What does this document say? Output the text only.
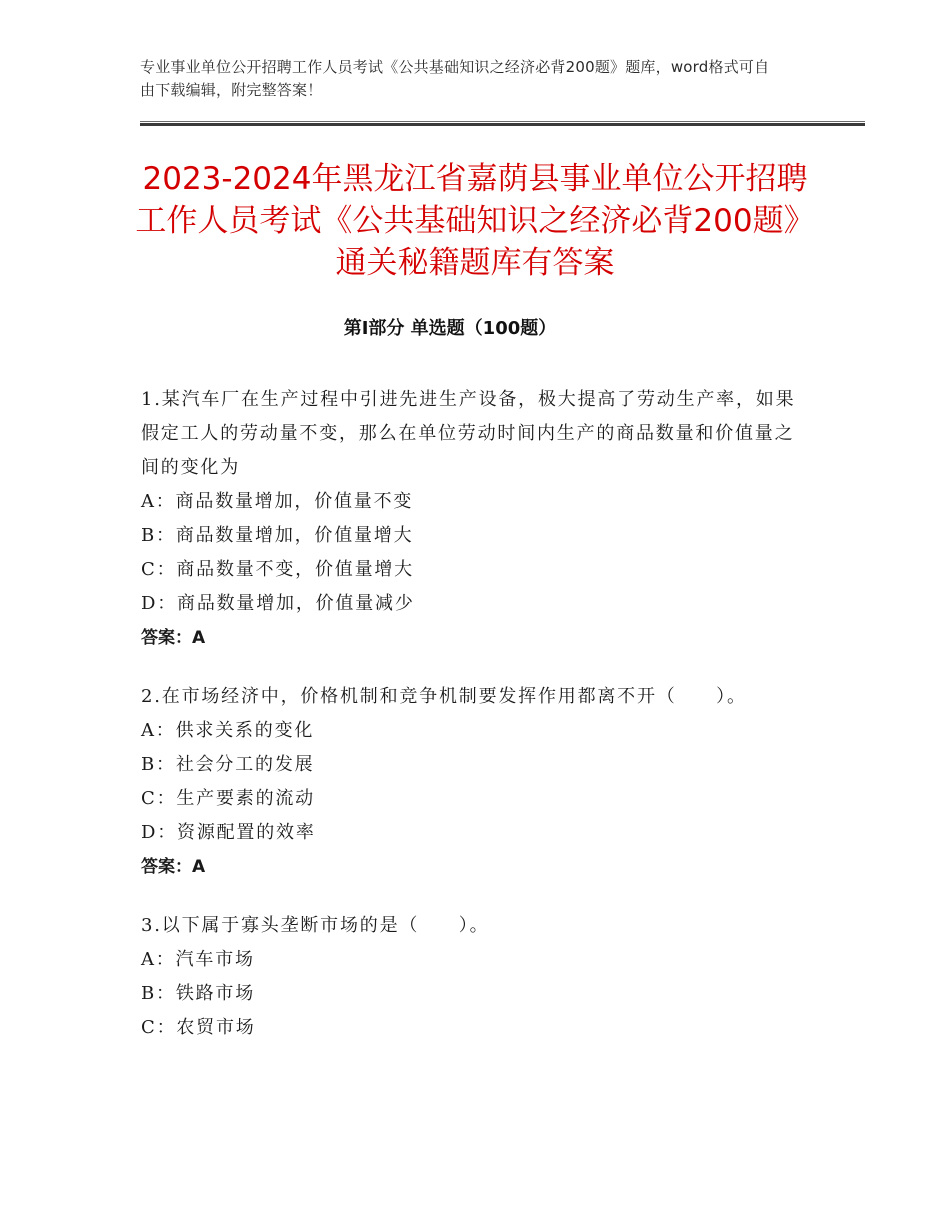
专业事业单位公开招聘工作人员考试《公共基础知识之经济必背200题》题库，word格式可自由下载编辑，附完整答案！
2023-2024年黑龙江省嘉荫县事业单位公开招聘工作人员考试《公共基础知识之经济必背200题》通关秘籍题库有答案
第Ⅰ部分 单选题（100题）

1.某汽车厂在生产过程中引进先进生产设备，极大提高了劳动生产率，如果假定工人的劳动量不变，那么在单位劳动时间内生产的商品数量和价值量之间的变化为

A：商品数量增加，价值量不变

B：商品数量增加，价值量增大

C：商品数量不变，价值量增大

D：商品数量增加，价值量减少

答案：A

2.在市场经济中，价格机制和竞争机制要发挥作用都离不开（　　）。

A：供求关系的变化

B：社会分工的发展

C：生产要素的流动

D：资源配置的效率

答案：A

3.以下属于寡头垄断市场的是（　　）。

A：汽车市场

B：铁路市场

C：农贸市场
